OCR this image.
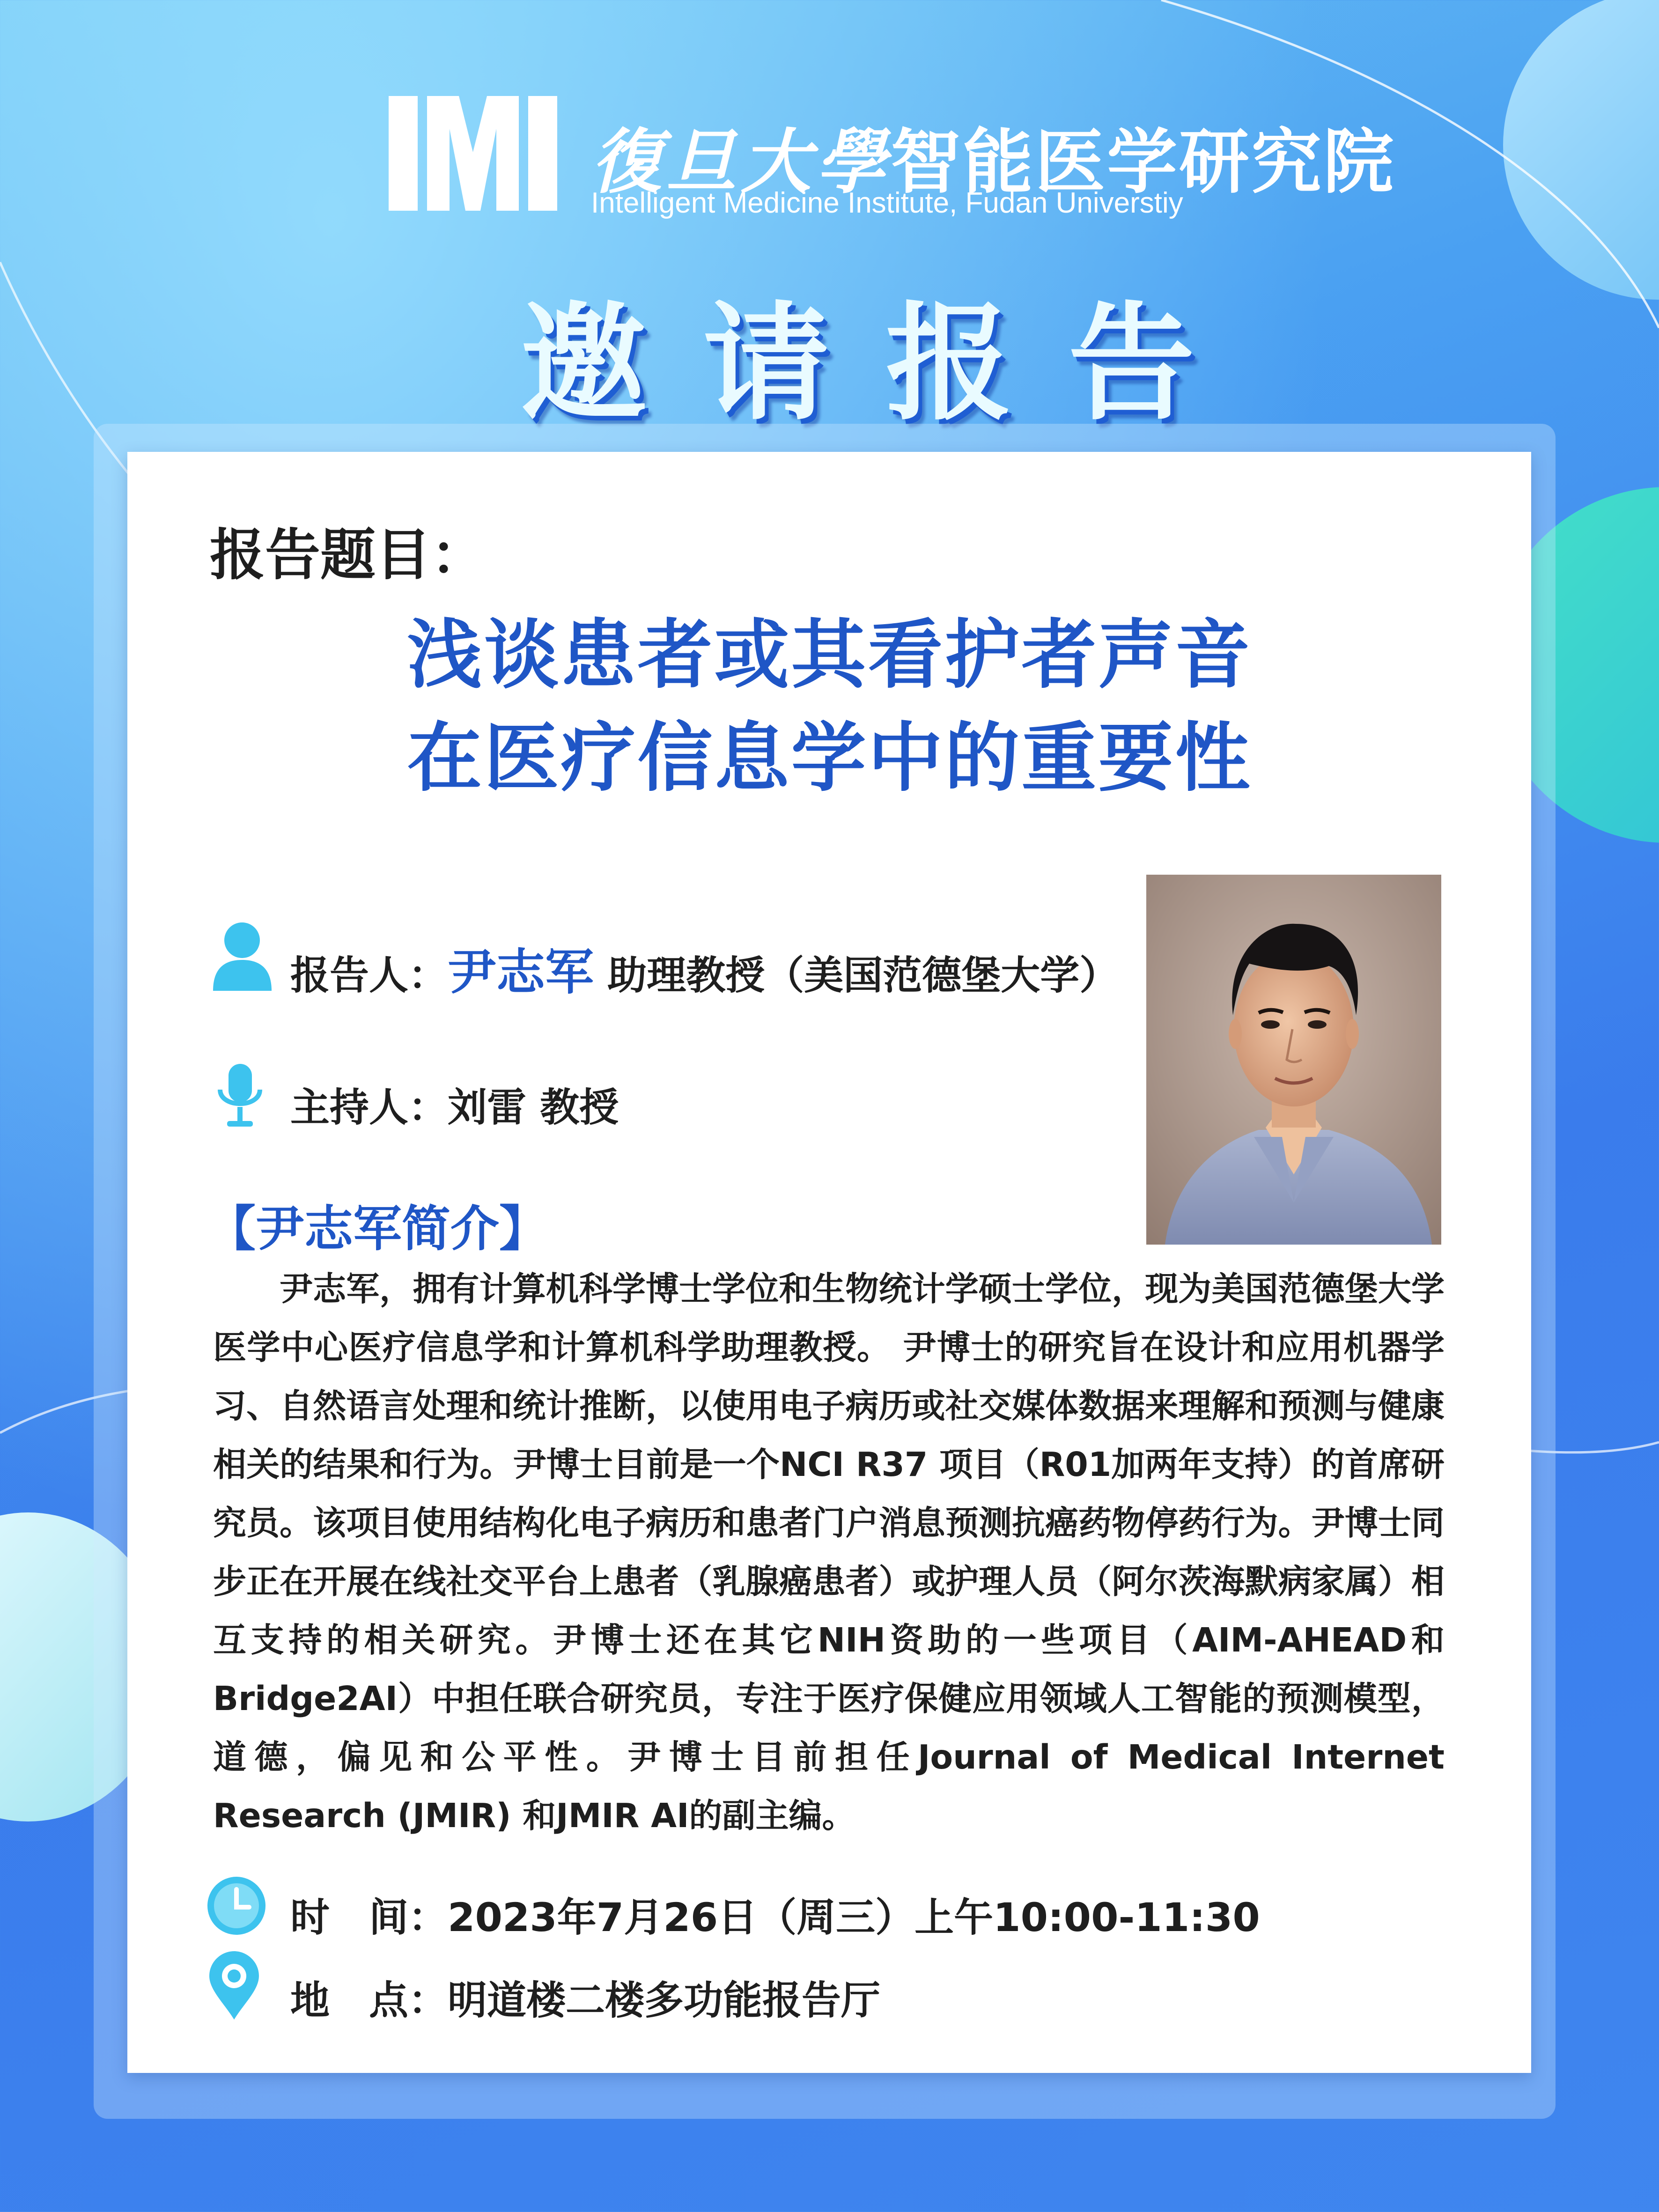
復旦大學智能医学研究院
Intelligent Medicine Institute, Fudan Universtiy
邀请报告
报告题目：
浅谈患者或其看护者声音
在医疗信息学中的重要性
报告人：尹志军 助理教授（美国范德堡大学）
主持人：刘雷 教授
【尹志军简介】

尹志军，拥有计算机科学博士学位和生物统计学硕士学位，现为美国范德堡大学医学中心医疗信息学和计算机科学助理教授。 尹博士的研究旨在设计和应用机器学习、自然语言处理和统计推断，以使用电子病历或社交媒体数据来理解和预测与健康相关的结果和行为。尹博士目前是一个NCI R37 项目（R01加两年支持）的首席研究员。该项目使用结构化电子病历和患者门户消息预测抗癌药物停药行为。尹博士同步正在开展在线社交平台上患者（乳腺癌患者）或护理人员（阿尔茨海默病家属）相互支持的相关研究。尹博士还在其它NIH资助的一些项目（AIM-AHEAD和Bridge2AI）中担任联合研究员，专注于医疗保健应用领域人工智能的预测模型，道德，偏见和公平性。尹博士目前担任Journal of Medical Internet Research (JMIR) 和JMIR AI的副主编。

时　间：2023年7月26日（周三）上午10:00-11:30
地　点：明道楼二楼多功能报告厅
